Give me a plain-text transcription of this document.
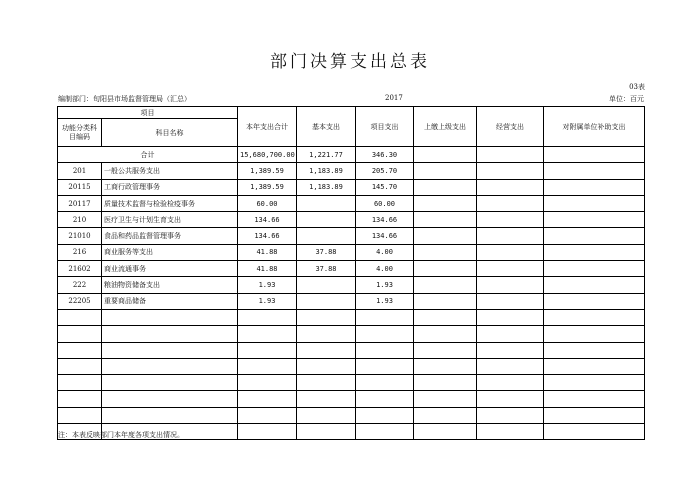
部门决算支出总表
03表
编制部门：旬阳县市场监督管理局（汇总）	2017	单位：百元
项目		本年支出合计	基本支出	项目支出	上缴上级支出	经营支出	对附属单位补助支出
功能分类科目编码	科目名称						
合计		15,680,700.00	1,221.77	346.30			
201	一般公共服务支出	1,389.59	1,183.89	205.70			
20115	工商行政管理事务	1,389.59	1,183.89	145.70			
20117	质量技术监督与检验检疫事务	60.00		60.00			
210	医疗卫生与计划生育支出	134.66		134.66			
21010	食品和药品监督管理事务	134.66		134.66			
216	商业服务等支出	41.88	37.88	4.00			
21602	商业流通事务	41.88	37.88	4.00			
222	粮油物资储备支出	1.93		1.93			
22205	重要商品储备	1.93		1.93			

注：本表反映部门本年度各项支出情况。
